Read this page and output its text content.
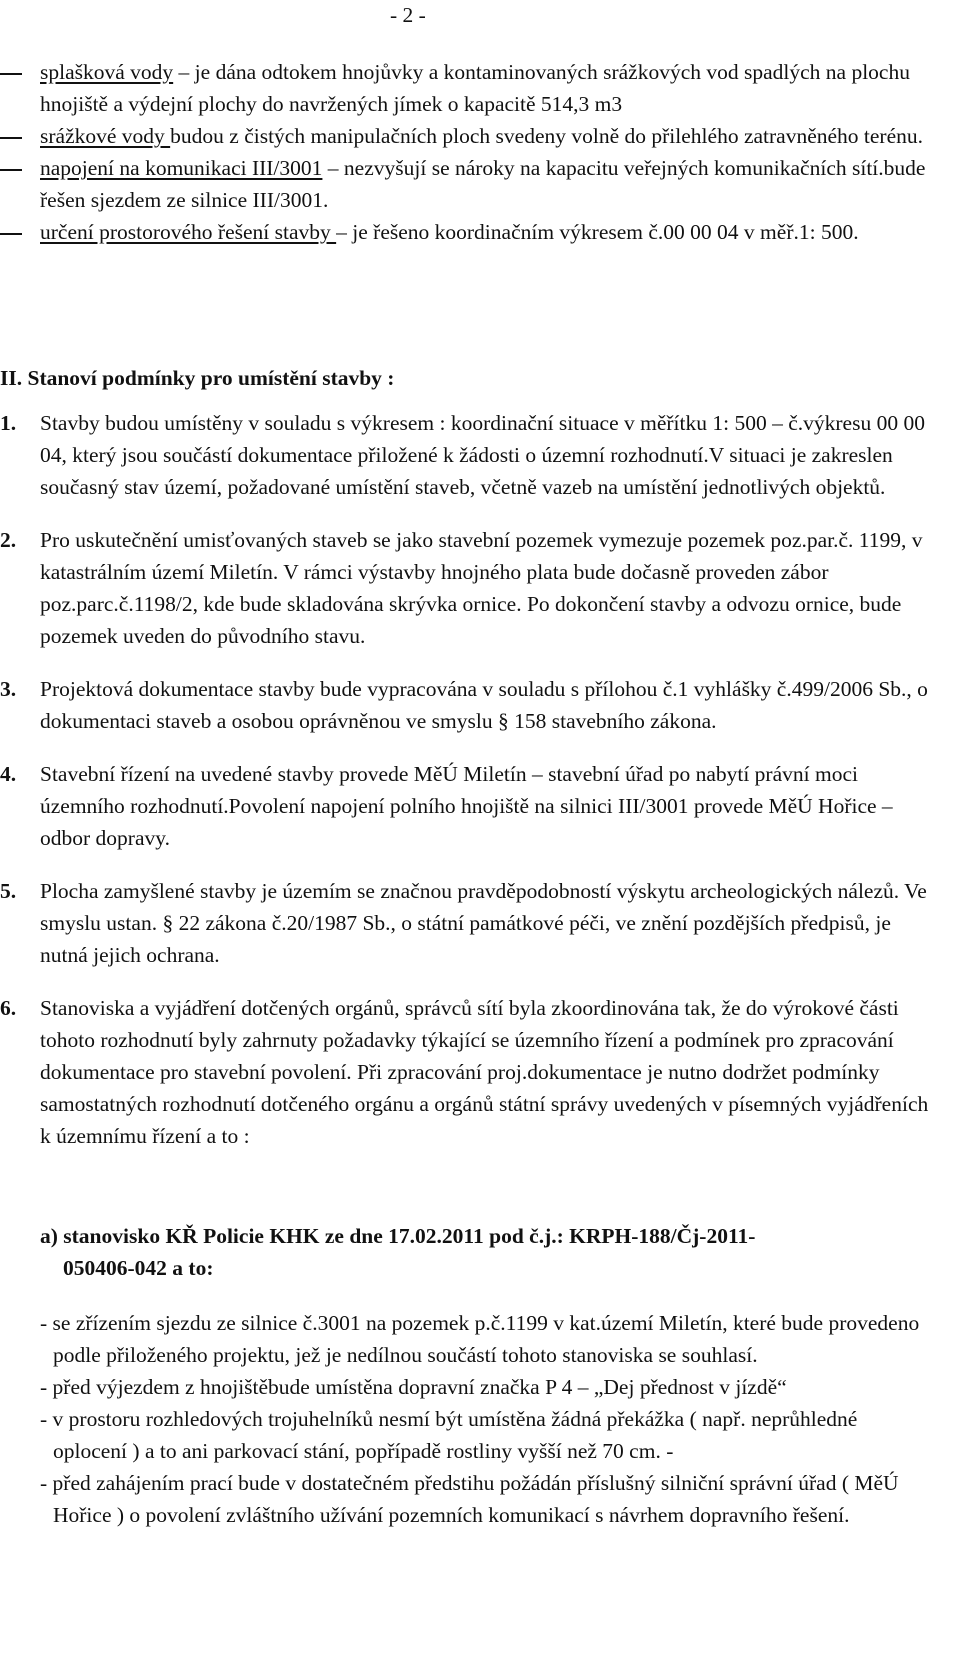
- 2 -
splašková vody – je dána odtokem hnojůvky a kontaminovaných srážkových vod spadlých na plochu hnojiště a výdejní plochy do navržených jímek o kapacitě 514,3 m3
srážkové vody budou z čistých manipulačních ploch svedeny volně do přilehlého zatravněného terénu.
napojení na komunikaci III/3001 – nezvyšují se nároky na kapacitu veřejných komunikačních sítí.bude řešen sjezdem ze silnice III/3001.
určení prostorového řešení stavby – je řešeno koordinačním výkresem č.00 00 04 v měř.1: 500.
II. Stanoví podmínky pro umístění stavby :
1.	Stavby budou umístěny v souladu s výkresem : koordinační situace v měřítku 1: 500 – č.výkresu 00 00 04, který jsou součástí dokumentace přiložené k žádosti o územní rozhodnutí.V situaci je zakreslen současný stav území, požadované umístění staveb, včetně vazeb na umístění jednotlivých objektů.
2.	Pro uskutečnění umisťovaných staveb se jako stavební pozemek vymezuje pozemek poz.par.č. 1199, v katastrálním území Miletín. V rámci výstavby hnojného plata bude dočasně proveden zábor poz.parc.č.1198/2, kde bude skladována skrývka ornice. Po dokončení stavby a odvozu ornice, bude pozemek uveden do původního stavu.
3.	Projektová dokumentace stavby bude vypracována v souladu s přílohou č.1 vyhlášky č.499/2006 Sb., o dokumentaci staveb a osobou oprávněnou ve smyslu § 158 stavebního zákona.
4.	Stavební řízení na uvedené stavby provede MěÚ Miletín – stavební úřad po nabytí právní moci územního rozhodnutí.Povolení napojení polního hnojiště na silnici III/3001 provede MěÚ Hořice – odbor dopravy.
5.	Plocha zamyšlené stavby je územím se značnou pravděpodobností výskytu archeologických nálezů. Ve smyslu ustan. § 22 zákona č.20/1987 Sb., o státní památkové péči, ve znění pozdějších předpisů, je nutná jejich ochrana.
6.	Stanoviska a vyjádření dotčených orgánů, správců sítí byla zkoordinována tak, že do výrokové části tohoto rozhodnutí byly zahrnuty požadavky týkající se územního řízení a podmínek pro zpracování dokumentace pro stavební povolení. Při zpracování proj.dokumentace je nutno dodržet podmínky samostatných rozhodnutí dotčeného orgánu a orgánů státní správy uvedených v písemných vyjádřeních k územnímu řízení a to :
a) stanovisko KŘ Policie KHK ze dne 17.02.2011 pod č.j.: KRPH-188/Čj-2011-
050406-042 a to:
- se zřízením sjezdu ze silnice č.3001 na pozemek p.č.1199 v kat.území Miletín, které bude provedeno podle přiloženého projektu, jež je nedílnou součástí tohoto stanoviska se souhlasí.
- před výjezdem z hnojištěbude umístěna dopravní značka P 4 – „Dej přednost v jízdě“
- v prostoru rozhledových trojuhelníků nesmí být umístěna žádná překážka ( např. neprůhledné oplocení ) a to ani parkovací stání, popřípadě rostliny vyšší než 70 cm. -
- před zahájením prací bude v dostatečném předstihu požádán příslušný silniční správní úřad ( MěÚ Hořice ) o povolení zvláštního užívání pozemních komunikací s návrhem dopravního řešení.
